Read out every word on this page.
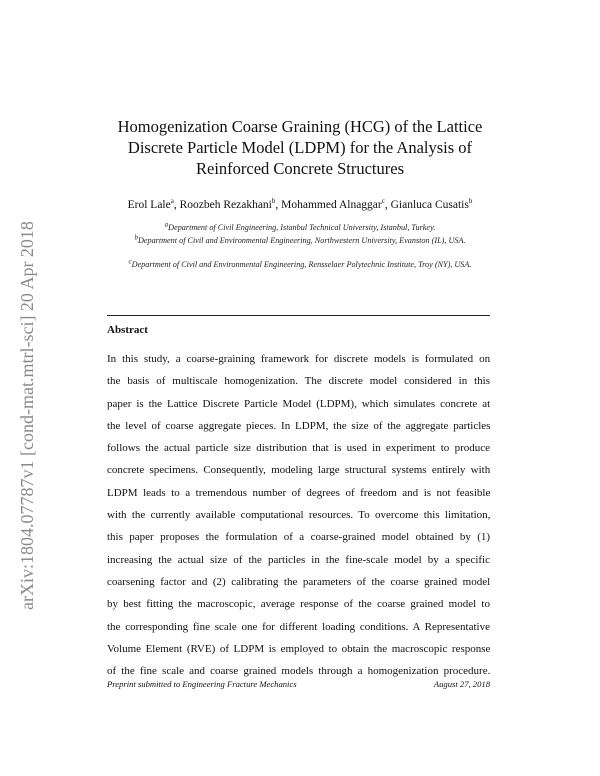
arXiv:1804.07787v1 [cond-mat.mtrl-sci] 20 Apr 2018
Homogenization Coarse Graining (HCG) of the Lattice
Discrete Particle Model (LDPM) for the Analysis of
Reinforced Concrete Structures
Erol Lale$^a$, Roozbeh Rezakhani$^b$, Mohammed Alnaggar$^c$, Gianluca Cusatis$^b$
$^a$Department of Civil Engineering, Istanbul Technical University, Istanbul, Turkey.
$^b$Department of Civil and Environmental Engineering, Northwestern University, Evanston (IL), USA.
$^c$Department of Civil and Environmental Engineering, Rensselaer Polytechnic Institute, Troy (NY), USA.
Abstract
In this study, a coarse-graining framework for discrete models is formulated on
the basis of multiscale homogenization. The discrete model considered in this
paper is the Lattice Discrete Particle Model (LDPM), which simulates concrete at
the level of coarse aggregate pieces. In LDPM, the size of the aggregate particles
follows the actual particle size distribution that is used in experiment to produce
concrete specimens. Consequently, modeling large structural systems entirely with
LDPM leads to a tremendous number of degrees of freedom and is not feasible
with the currently available computational resources. To overcome this limitation,
this paper proposes the formulation of a coarse-grained model obtained by (1)
increasing the actual size of the particles in the fine-scale model by a specific
coarsening factor and (2) calibrating the parameters of the coarse grained model
by best fitting the macroscopic, average response of the coarse grained model to
the corresponding fine scale one for different loading conditions. A Representative
Volume Element (RVE) of LDPM is employed to obtain the macroscopic response
of the fine scale and coarse grained models through a homogenization procedure.
Preprint submitted to Engineering Fracture Mechanics	August 27, 2018
